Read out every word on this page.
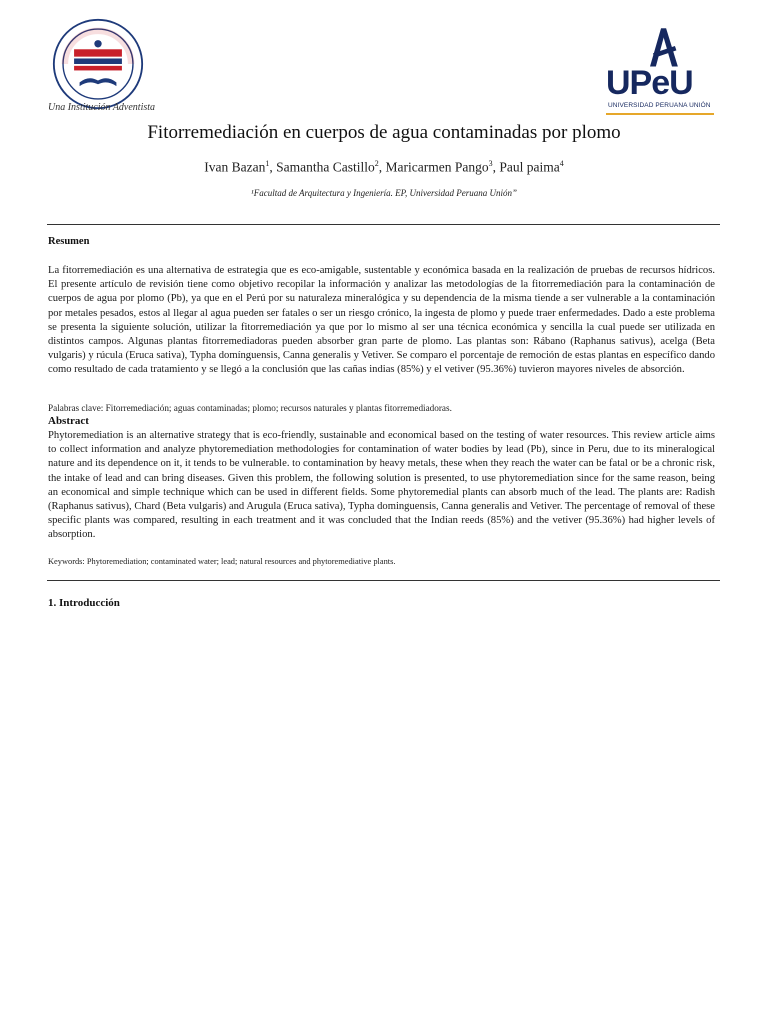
Una Institución Adventista
UPeU
UNIVERSIDAD PERUANA UNIÓN
Fitorremediación en cuerpos de agua contaminadas por plomo
Ivan Bazan$^1$, Samantha Castillo$^2$, Maricarmen Pango$^3$, Paul paima$^4$
¹Facultad de Arquitectura y Ingeniería. EP, Universidad Peruana Unión”
Resumen
La fitorremediación es una alternativa de estrategia que es eco-amigable, sustentable y económica basada en la realización de pruebas de recursos hídricos. El presente artículo de revisión tiene como objetivo recopilar la información y analizar las metodologías de la fitorremediación para la contaminación de cuerpos de agua por plomo (Pb), ya que en el Perú por su naturaleza mineralógica y su dependencia de la misma tiende a ser vulnerable a la contaminación por metales pesados, estos al llegar al agua pueden ser fatales o ser un riesgo crónico, la ingesta de plomo y puede traer enfermedades. Dado a este problema se presenta la siguiente solución, utilizar la fitorremediación ya que por lo mismo al ser una técnica económica y sencilla la cual puede ser utilizada en distintos campos. Algunas plantas fitorremediadoras pueden absorber gran parte de plomo. Las plantas son: Rábano (Raphanus sativus), acelga (Beta vulgaris) y rúcula (Eruca sativa), Typha domínguensis, Canna generalis y Vetiver. Se comparo el porcentaje de remoción de estas plantas en específico dando como resultado de cada tratamiento y se llegó a la conclusión que las cañas indias (85%) y el vetiver (95.36%) tuvieron mayores niveles de absorción.
Palabras clave: Fitorremediación; aguas contaminadas; plomo; recursos naturales y plantas fitorremediadoras.
Abstract
Phytoremediation is an alternative strategy that is eco-friendly, sustainable and economical based on the testing of water resources. This review article aims to collect information and analyze phytoremediation methodologies for contamination of water bodies by lead (Pb), since in Peru, due to its mineralogical nature and its dependence on it, it tends to be vulnerable. to contamination by heavy metals, these when they reach the water can be fatal or be a chronic risk, the intake of lead and can bring diseases. Given this problem, the following solution is presented, to use phytoremediation since for the same reason, being an economical and simple technique which can be used in different fields. Some phytoremedial plants can absorb much of the lead. The plants are: Radish (Raphanus sativus), Chard (Beta vulgaris) and Arugula (Eruca sativa), Typha dominguensis, Canna generalis and Vetiver. The percentage of removal of these specific plants was compared, resulting in each treatment and it was concluded that the Indian reeds (85%) and the vetiver (95.36%) had higher levels of absorption.
Keywords: Phytoremediation; contaminated water; lead; natural resources and phytoremediative plants.
1. Introducción
